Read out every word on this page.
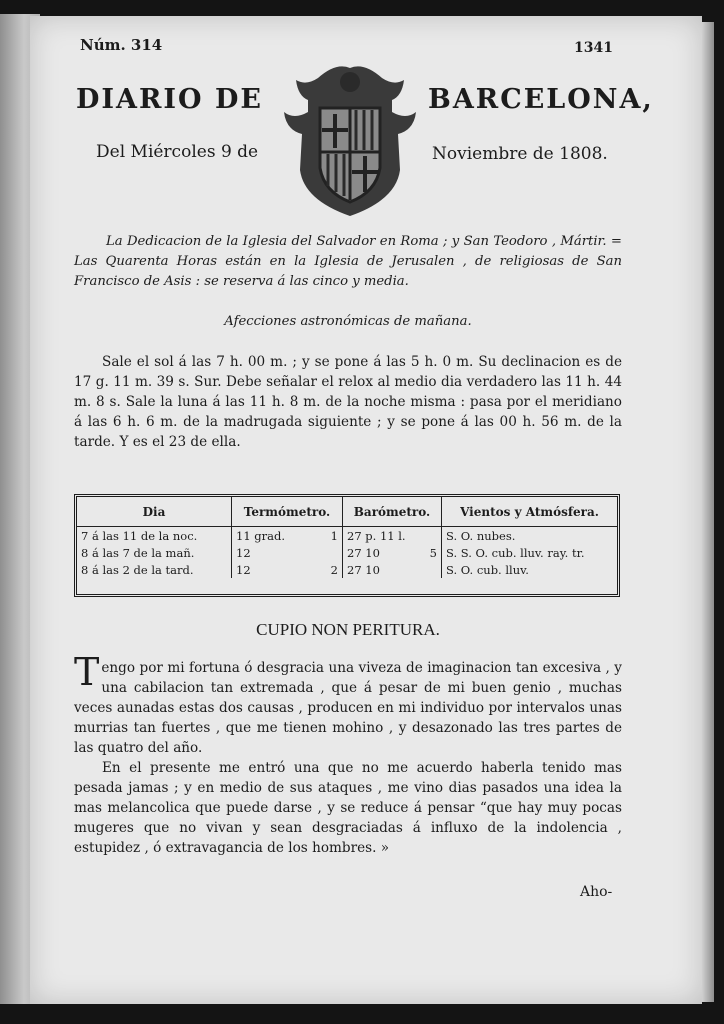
Núm. 314	1341
DIARIO DE	BARCELONA,
Del Miércoles 9 de	Noviembre de 1808.
La Dedicacion de la Iglesia del Salvador en Roma ; y San Teodoro , Mártir. = Las Quarenta Horas están en la Iglesia de Jerusalen , de religiosas de San Francisco de Asis : se reserva á las cinco y media.
Afecciones astronómicas de mañana.
Sale el sol á las 7 h. 00 m. ; y se pone á las 5 h. 0 m. Su declinacion es de 17 g. 11 m. 39 s. Sur. Debe señalar el relox al medio dia verdadero las 11 h. 44 m. 8 s. Sale la luna á las 11 h. 8 m. de la noche misma : pasa por el meridiano á las 6 h. 6 m. de la madrugada siguiente ; y se pone á las 00 h. 56 m. de la tarde. Y es el 23 de ella.
Dia	Termómetro.	Barómetro.	Vientos y Atmósfera.
7 á las 11 de la noc.	11 grad. 1	27 p. 11 l.	S. O. nubes.
8 á las 7 de la mañ.	12	27 10 5	S. S. O. cub. lluv. ray. tr.
8 á las 2 de la tard.	12 2	27 10	S. O. cub. lluv.
CUPIO NON PERITURA.

Tengo por mi fortuna ó desgracia una viveza de imaginacion tan excesiva , y una cabilacion tan extremada , que á pesar de mi buen genio , muchas veces aunadas estas dos causas , producen en mi individuo por intervalos unas murrias tan fuertes , que me tienen mohino , y desazonado las tres partes de las quatro del año.

En el presente me entró una que no me acuerdo haberla tenido mas pesada jamas ; y en medio de sus ataques , me vino dias pasados una idea la mas melancolica que puede darse , y se reduce á pensar “que hay muy pocas mugeres que no vivan y sean desgraciadas á influxo de la indolencia , estupidez , ó extravagancia de los hombres. »

Aho-
